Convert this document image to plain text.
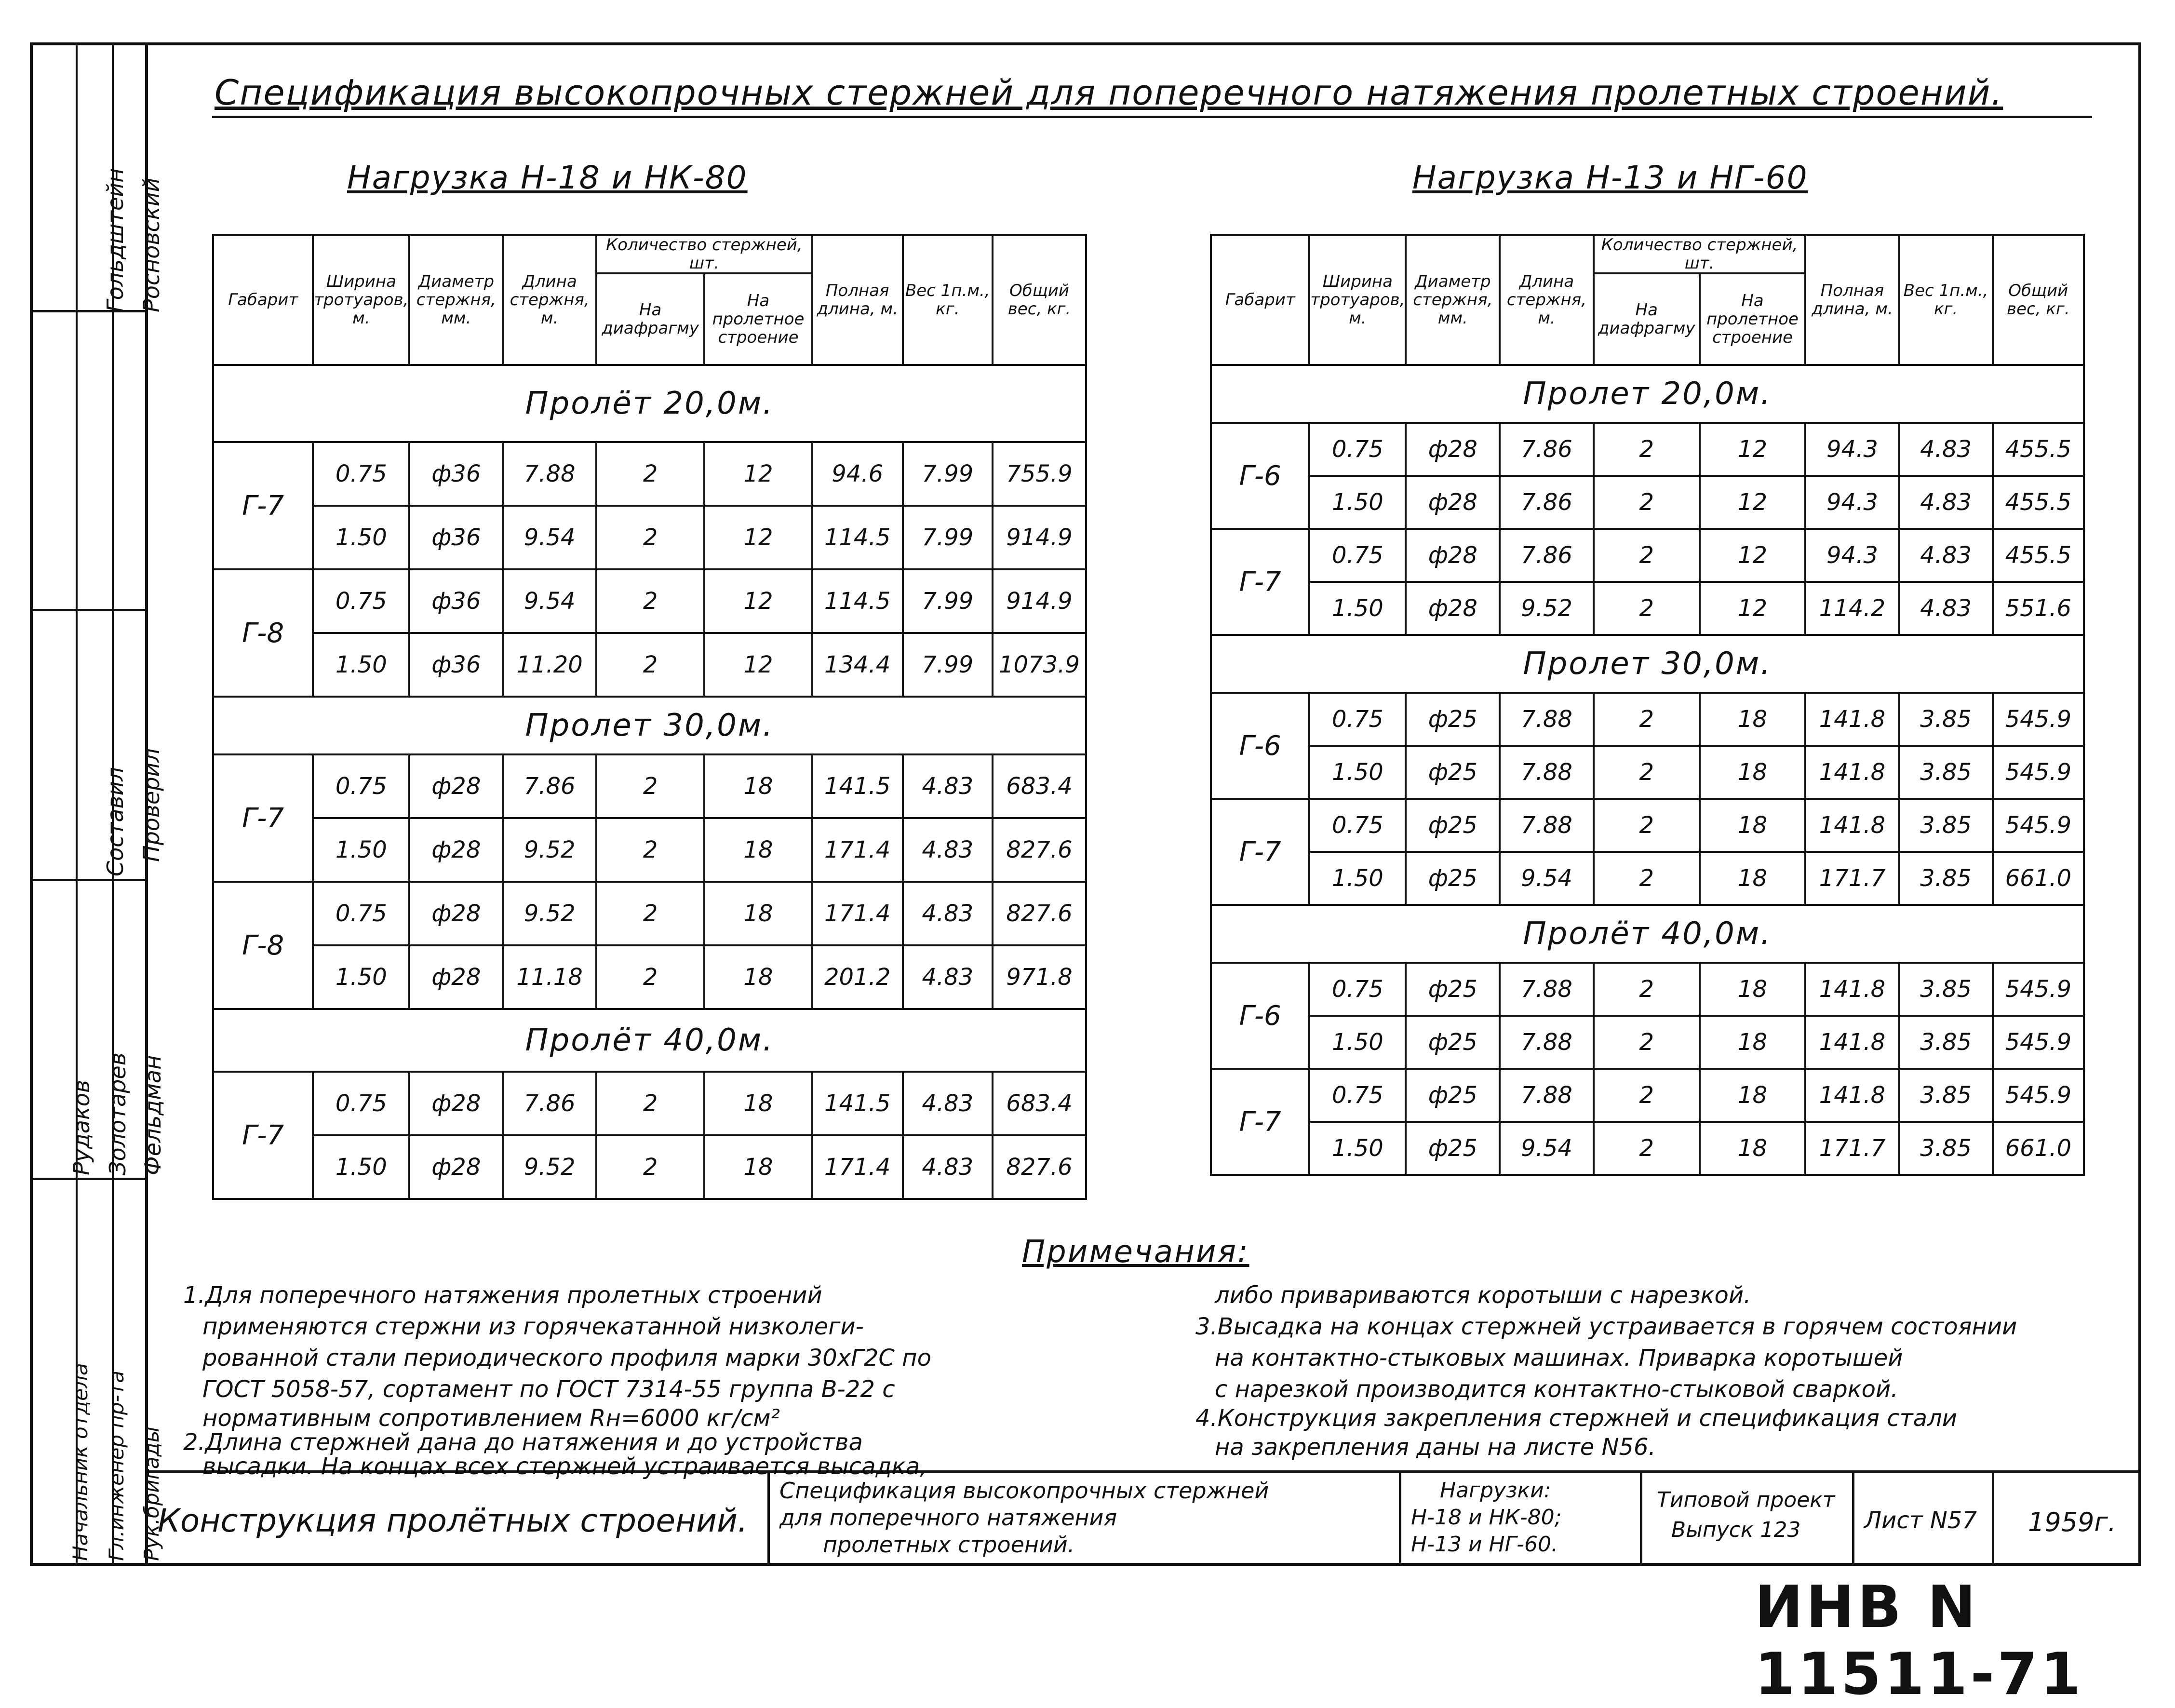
Гольдштейн Росновский
Составил Проверил
Рудаков Золотарев Фельдман
Начальник отдела Гл.инженер пр-та Рук.бригады
Спецификация высокопрочных стержней для поперечного натяжения пролетных строений.
Нагрузка Н-18 и НК-80	Нагрузка Н-13 и НГ-60
Габарит	Ширина тротуаров, м.	Диаметр стержня, мм.	Длина стержня, м.	Количество стержней, шт.		Полная длина, м.	Вес 1п.м., кг.	Общий вес, кг.
				На диафрагму	На пролетное строение			
Пролёт 20,0м.								
Г-7	0.75	ф36	7.88	2	12	94.6	7.99	755.9
	1.50	ф36	9.54	2	12	114.5	7.99	914.9
Г-8	0.75	ф36	9.54	2	12	114.5	7.99	914.9
	1.50	ф36	11.20	2	12	134.4	7.99	1073.9
Пролет 30,0м.								
Г-7	0.75	ф28	7.86	2	18	141.5	4.83	683.4
	1.50	ф28	9.52	2	18	171.4	4.83	827.6
Г-8	0.75	ф28	9.52	2	18	171.4	4.83	827.6
	1.50	ф28	11.18	2	18	201.2	4.83	971.8
Пролёт 40,0м.								
Г-7	0.75	ф28	7.86	2	18	141.5	4.83	683.4
	1.50	ф28	9.52	2	18	171.4	4.83	827.6
Габарит	Ширина тротуаров, м.	Диаметр стержня, мм.	Длина стержня, м.	Количество стержней, шт.		Полная длина, м.	Вес 1п.м., кг.	Общий вес, кг.
				На диафрагму	На пролетное строение			
Пролет 20,0м.								
Г-6	0.75	ф28	7.86	2	12	94.3	4.83	455.5
	1.50	ф28	7.86	2	12	94.3	4.83	455.5
Г-7	0.75	ф28	7.86	2	12	94.3	4.83	455.5
	1.50	ф28	9.52	2	12	114.2	4.83	551.6
Пролет 30,0м.								
Г-6	0.75	ф25	7.88	2	18	141.8	3.85	545.9
	1.50	ф25	7.88	2	18	141.8	3.85	545.9
Г-7	0.75	ф25	7.88	2	18	141.8	3.85	545.9
	1.50	ф25	9.54	2	18	171.7	3.85	661.0
Пролёт 40,0м.								
Г-6	0.75	ф25	7.88	2	18	141.8	3.85	545.9
	1.50	ф25	7.88	2	18	141.8	3.85	545.9
Г-7	0.75	ф25	7.88	2	18	141.8	3.85	545.9
	1.50	ф25	9.54	2	18	171.7	3.85	661.0
Примечания:
1.Для поперечного натяжения пролетных строений
применяются стержни из горячекатанной низколеги-
рованной стали периодического профиля марки 30хГ2С по
ГОСТ 5058-57, сортамент по ГОСТ 7314-55 группа В-22 с
нормативным сопротивлением Rн=6000 кг/см²
2.Длина стержней дана до натяжения и до устройства
высадки. На концах всех стержней устраивается высадка,
либо привариваются коротыши с нарезкой.
3.Высадка на концах стержней устраивается в горячем состоянии
на контактно-стыковых машинах. Приварка коротышей
с нарезкой производится контактно-стыковой сваркой.
4.Конструкция закрепления стержней и спецификация стали
на закрепления даны на листе N56.
Конструкция пролётных строений.
Спецификация высокопрочных стержней
для поперечного натяжения
пролетных строений.
Нагрузки:
Н-18 и НК-80;
Н-13 и НГ-60.
Типовой проект
Выпуск 123	Лист N57 1959г.
ИНВ N 11511-71
